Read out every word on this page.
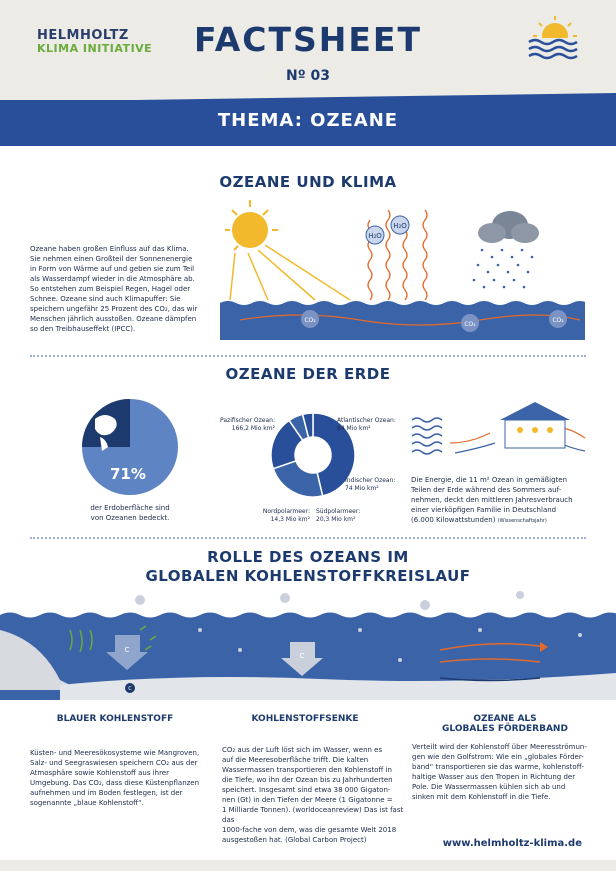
HELMHOLTZ
KLIMA INITIATIVE	FACTSHEET
Nº 03
THEMA: OZEANE
OZEANE UND KLIMA
Ozeane haben großen Einfluss auf das Klima.
Sie nehmen einen Großteil der Sonnenenergie
in Form von Wärme auf und geben sie zum Teil
als Wasserdampf wieder in die Atmosphäre ab.
So entstehen zum Beispiel Regen, Hagel oder
Schnee. Ozeane sind auch Klimapuffer: Sie
speichern ungefähr 25 Prozent des CO₂, das wir
Menschen jährlich ausstoßen. Ozeane dämpfen
so den Treibhauseffekt (IPCC).
H₂O
H₂O
CO₂
CO₂
CO₂
OZEANE DER ERDE
71%
der Erdoberfläche sind
von Ozeanen bedeckt.
Pazifischer Ozean:
166,2 Mio km²
Atlantischer Ozean:
84 Mio km²
Indischer Ozean:
74 Mio km²
Südpolarmeer:
20,3 Mio km²
Nordpolarmeer:
14,3 Mio km²
Die Energie, die 11 m² Ozean in gemäßigten
Teilen der Erde während des Sommers auf-
nehmen, deckt den mittleren Jahresverbrauch
einer vierköpfigen Familie in Deutschland
(6.000 Kilowattstunden) (Wissenschaftsjahr)
ROLLE DES OZEANS IM
GLOBALEN KOHLENSTOFFKREISLAUF
C
C
C
BLAUER KOHLENSTOFF
Küsten- und Meeresökosysteme wie Mangroven,
Salz- und Seegraswiesen speichern CO₂ aus der
Atmosphäre sowie Kohlenstoff aus ihrer
Umgebung. Das CO₂, dass diese Küstenpflanzen
aufnehmen und im Boden festlegen, ist der
sogenannte „blaue Kohlenstoff“.
KOHLENSTOFFSENKE
CO₂ aus der Luft löst sich im Wasser, wenn es
auf die Meeresoberfläche trifft. Die kalten
Wassermassen transportieren den Kohlenstoff in
die Tiefe, wo ihn der Ozean bis zu Jahrhunderten
speichert. Insgesamt sind etwa 38 000 Gigaton-
nen (Gt) in den Tiefen der Meere (1 Gigatonne =
1 Milliarde Tonnen). (worldoceanreview) Das ist fast das
1000-fache von dem, was die gesamte Welt 2018
ausgestoßen hat. (Global Carbon Project)
OZEANE ALS
GLOBALES FÖRDERBAND
Verteilt wird der Kohlenstoff über Meeresströmun-
gen wie den Golfstrom: Wie ein „globales Förder-
band“ transportieren sie das warme, kohlenstoff-
haltige Wasser aus den Tropen in Richtung der
Pole. Die Wassermassen kühlen sich ab und
sinken mit dem Kohlenstoff in die Tiefe.
www.helmholtz-klima.de
